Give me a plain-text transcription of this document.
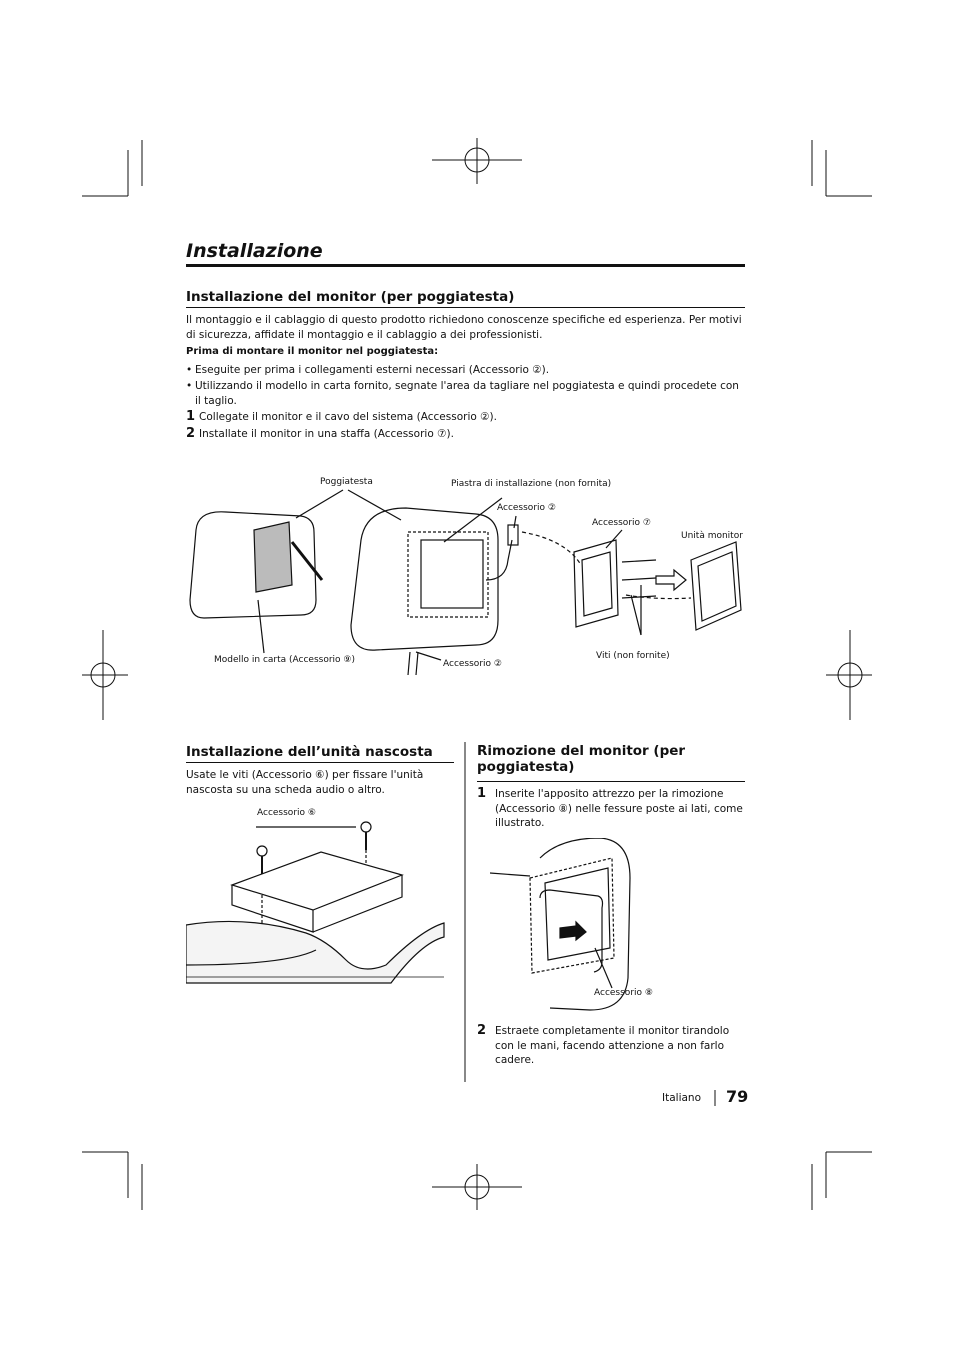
Installazione
Installazione del monitor (per poggiatesta)
Il montaggio e il cablaggio di questo prodotto richiedono conoscenze specifiche ed esperienza. Per motivi di sicurezza, affidate il montaggio e il cablaggio a dei professionisti.
Prima di montare il monitor nel poggiatesta:
• Eseguite per prima i collegamenti esterni necessari (Accessorio ②).
• Utilizzando il modello in carta fornito, segnate l'area da tagliare nel poggiatesta e quindi procedete con il taglio.
1 Collegate il monitor e il cavo del sistema (Accessorio ②).
2 Installate il monitor in una staffa (Accessorio ⑦).
Poggiatesta	Piastra di installazione (non fornita)
Accessorio ②
Accessorio ⑦
Unità monitor
Modello in carta (Accessorio ⑨)	Accessorio ②
Viti (non fornite)
Installazione dell’unità nascosta
Usate le viti (Accessorio ⑥) per fissare l'unità nascosta su una scheda audio o altro.
Accessorio ⑥
Rimozione del monitor (per
poggiatesta)
1 Inserite l'apposito attrezzo per la rimozione (Accessorio ⑧) nelle fessure poste ai lati, come illustrato.
Accessorio ⑧
2 Estraete completamente il monitor tirandolo con le mani, facendo attenzione a non farlo cadere.
Italiano 79
